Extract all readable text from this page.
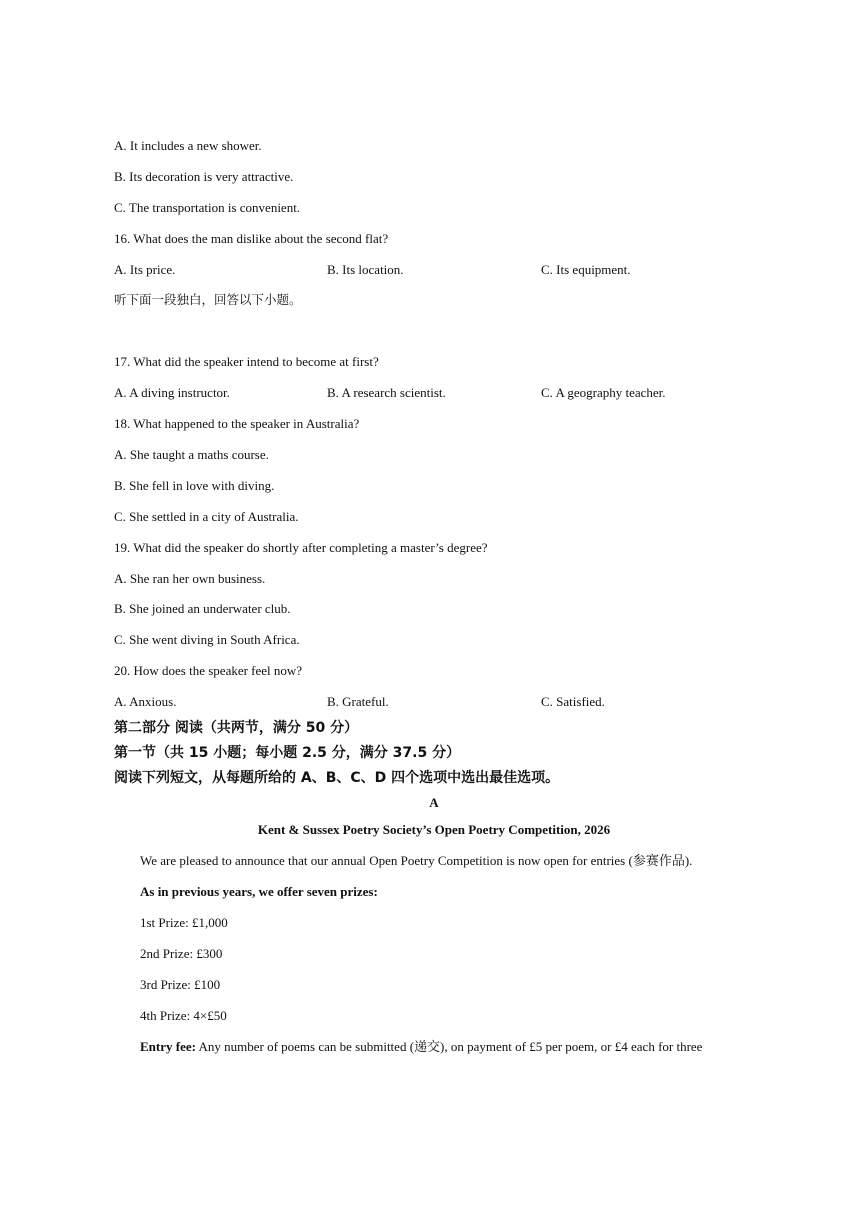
A. It includes a new shower.
B. Its decoration is very attractive.
C. The transportation is convenient.
16. What does the man dislike about the second flat?
A. Its price.	B. Its location.	C. Its equipment.
听下面一段独白，回答以下小题。
17. What did the speaker intend to become at first?
A. A diving instructor.	B. A research scientist.	C. A geography teacher.
18. What happened to the speaker in Australia?
A. She taught a maths course.
B. She fell in love with diving.
C. She settled in a city of Australia.
19. What did the speaker do shortly after completing a master’s degree?
A. She ran her own business.
B. She joined an underwater club.
C. She went diving in South Africa.
20. How does the speaker feel now?
A. Anxious.	B. Grateful.	C. Satisfied.
第二部分 阅读（共两节，满分 50 分）
第一节（共 15 小题；每小题 2.5 分，满分 37.5 分）
阅读下列短文，从每题所给的 A、B、C、D 四个选项中选出最佳选项。
A
Kent & Sussex Poetry Society’s Open Poetry Competition, 2026
We are pleased to announce that our annual Open Poetry Competition is now open for entries (参赛作品).
As in previous years, we offer seven prizes:
1st Prize: £1,000
2nd Prize: £300
3rd Prize: £100
4th Prize: 4×£50
Entry fee: Any number of poems can be submitted (递交), on payment of £5 per poem, or £4 each for three
